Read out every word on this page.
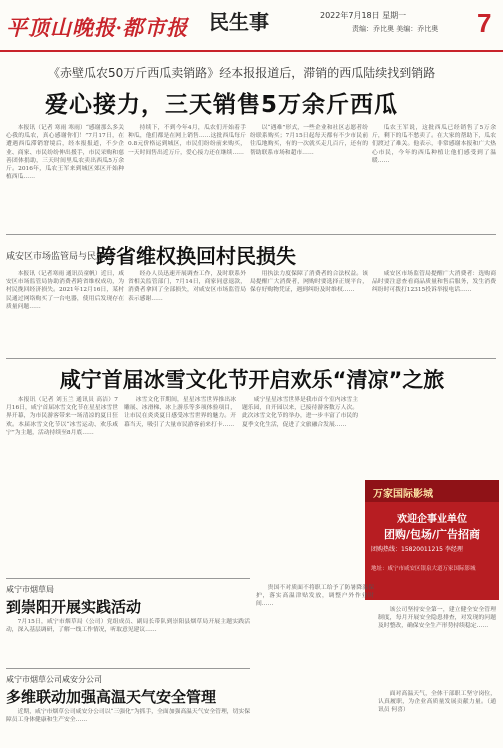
平顶山晚报·都市报 民生事	2022年7月18日 星期一
责编：乔比奥 美编：乔比奥 7
《赤壁瓜农50万斤西瓜卖销路》经本报报道后，滞销的西瓜陆续找到销路
爱心接力，三天销售5万余斤西瓜

本报讯（记者 寒雨 寒雨）“感谢那么多关心我的瓜农，真心感谢你们！”7月17日，在遭遇西瓜滞销窘境后，经本报报道，不少企业、商家、市民纷纷伸出援手，市民采购和慈善团体捐助，三天时间里瓜农卖出西瓜5万余斤。2016年，瓜农王军来到城区郊区开始种植西瓜……

持续下，不到今年4月，瓜农们开始着手种瓜，他们都是在网上销售……这批西瓜每斤0.8元价格运到城区，市民们纷纷前来购买，一天时间售出近万斤，爱心接力还在继续……

以“遇难”形式，一些企业和社区志愿者纷纷联系购买；7月15日起每天都有不少市民前往瓜地购买，有的一次就买走几百斤，还有的帮助联系市场和超市……

瓜农王军说，这批西瓜已经销售了5万余斤，剩下的瓜不愁卖了。在大家的帮助下，瓜农们渡过了难关。他表示，非常感谢本报和广大热心市民，今年的西瓜种植让他们感受到了温暖……

咸安区市场监管局与民解忧
跨省维权换回村民损失

本报讯（记者寒雨 通讯员童帆）近日，咸安区市场监管局协助消费者跨省维权成功，为村民挽回经济损失。2021年12月16日，某村民通过网络购买了一台电器，使用后发现存在质量问题……

经办人员迅速开展调查工作，及时联系外省相关监管部门，7月14日，商家同意退款，消费者拿回了全部损失，对咸安区市场监管局表示感谢……

用执法力度保障了消费者的合法权益。该局提醒广大消费者，网购时要选择正规平台，保存好购物凭证，遇到纠纷及时维权……

咸安区市场监管局提醒广大消费者：选购商品时要注意查看商品质量和售后服务，发生消费纠纷时可拨打12315投诉举报电话……

咸宁首届冰雪文化节开启欢乐“清凉”之旅

本报讯（记者 刘玉兰 通讯员 高洁）7月16日，咸宁首届冰雪文化节在星星冰雪世界开幕，为市民游客带来一场清凉的夏日狂欢。本届冰雪文化节以“冰雪运动、欢乐咸宁”为主题，活动持续至8月底……

冰雪文化节期间，星星冰雪世界推出冰雕展、冰滑梯、冰上游乐等多项体验项目，让市民在炎炎夏日感受冰雪世界的魅力。开幕当天，吸引了大量市民游客前来打卡……

咸宁星星冰雪世界是我市首个室内冰雪主题乐园，自开园以来，已接待游客数万人次。此次冰雪文化节的举办，进一步丰富了市民的夏季文化生活，促进了文旅融合发展……

万家国际影城
欢迎企事业单位
团购/包场/广告招商
团购热线：15820011215 李经理
地址：咸宁市咸安区银泉大道万家国际影城
咸宁市烟草局
到崇阳开展实践活动

7月15日，咸宁市烟草局（公司）党组成员、副局长带队到崇阳县烟草局开展主题实践活动，深入基层调研，了解一线工作情况，听取意见建议……

咸宁市烟草公司咸安分公司
多维联动加强高温天气安全管理

近期，咸宁市烟草公司咸安分公司以“三强化”为抓手，全面加强高温天气安全管理，切实保障员工身体健康和生产安全……

贵国不对质面不将职工给予了防暑降温保护，落实高温津贴发放，调整户外作业时间……

该公司坚持安全第一，建立健全安全管理制度，每月开展安全隐患排查，对发现的问题及时整改，确保安全生产形势持续稳定……

面对高温天气，全体干部职工坚守岗位，认真履职，为企业高质量发展贡献力量。（通讯员 何喜）
